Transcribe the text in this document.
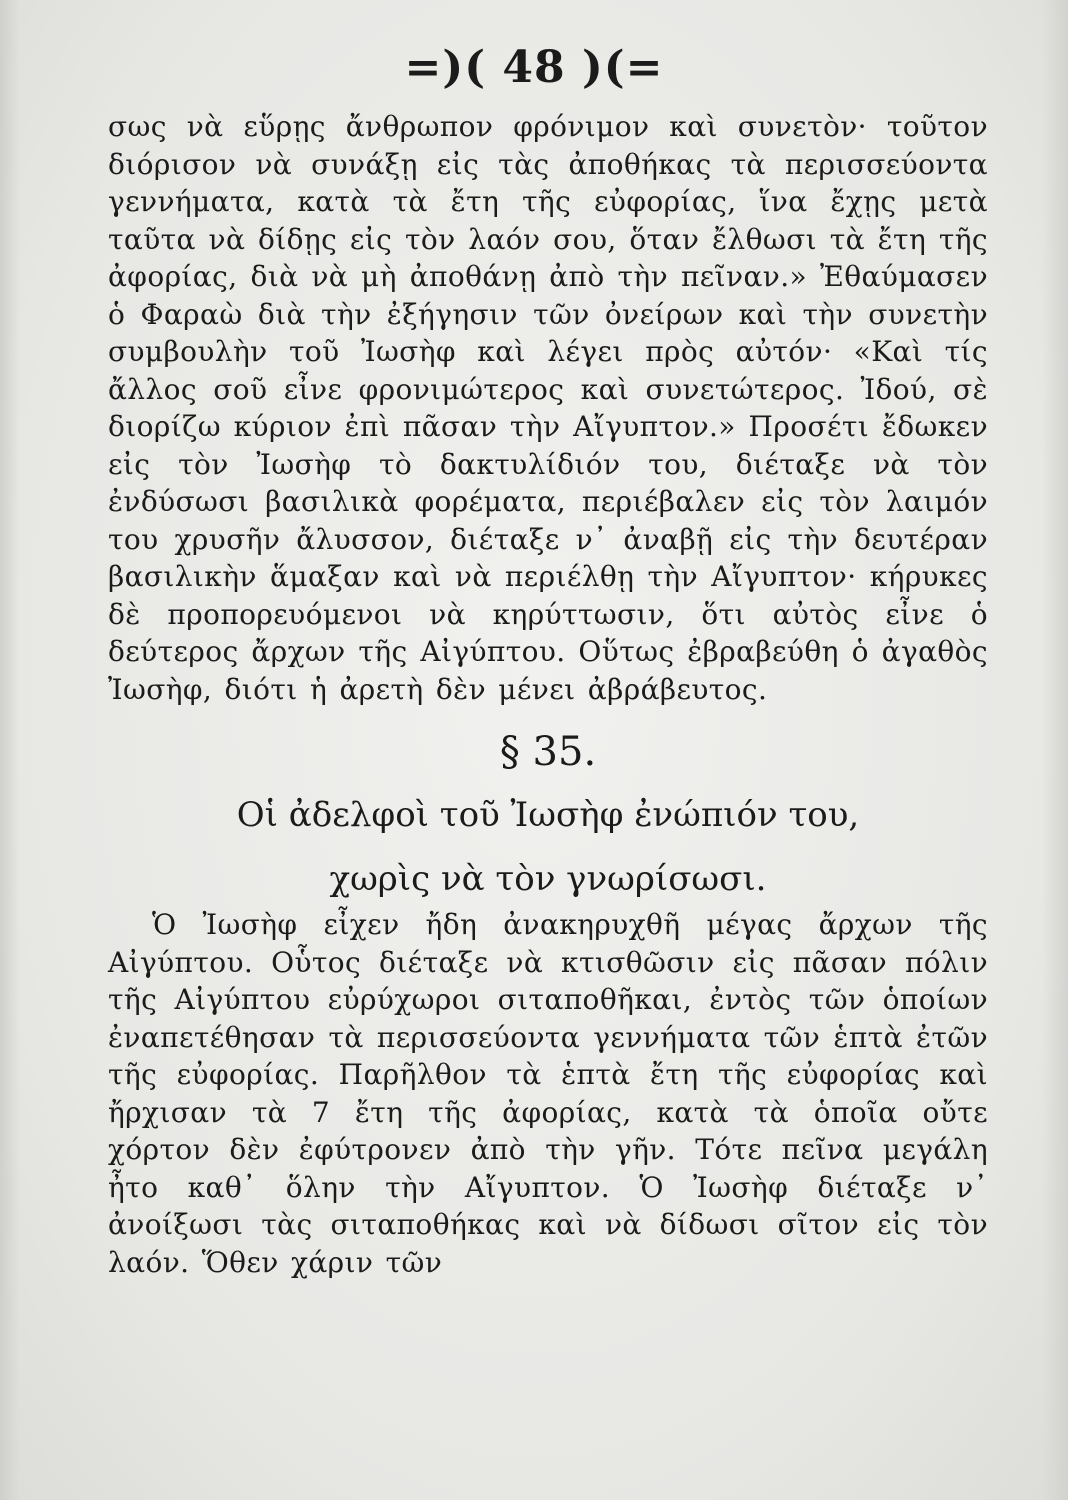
=)( 48 )(=

σως νὰ εὕρῃς ἄνθρωπον φρόνιμον καὶ συνετὸν· τοῦτον διόρισον νὰ συνάξῃ εἰς τὰς ἀποθήκας τὰ περισσεύοντα γεννήματα, κατὰ τὰ ἔτη τῆς εὐφορίας, ἵνα ἔχῃς μετὰ ταῦτα νὰ δίδῃς εἰς τὸν λαόν σου, ὅταν ἔλθωσι τὰ ἔτη τῆς ἀφορίας, διὰ νὰ μὴ ἀποθάνῃ ἀπὸ τὴν πεῖναν.» Ἐθαύμασεν ὁ Φαραὼ διὰ τὴν ἐξήγησιν τῶν ὀνείρων καὶ τὴν συνετὴν συμβουλὴν τοῦ Ἰωσὴφ καὶ λέγει πρὸς αὐτόν· «Καὶ τίς ἄλλος σοῦ εἶνε φρονιμώτερος καὶ συνετώτερος. Ἰδού, σὲ διορίζω κύριον ἐπὶ πᾶσαν τὴν Αἴγυπτον.» Προσέτι ἔδωκεν εἰς τὸν Ἰωσὴφ τὸ δακτυλίδιόν του, διέταξε νὰ τὸν ἐνδύσωσι βασιλικὰ φορέματα, περιέβαλεν εἰς τὸν λαιμόν του χρυσῆν ἄλυσσον, διέταξε ν᾿ ἀναβῇ εἰς τὴν δευτέραν βασιλικὴν ἅμαξαν καὶ νὰ περιέλθῃ τὴν Αἴγυπτον· κήρυκες δὲ προπορευόμενοι νὰ κηρύττωσιν, ὅτι αὐτὸς εἶνε ὁ δεύτερος ἄρχων τῆς Αἰγύπτου. Οὕτως ἐβραβεύθη ὁ ἀγαθὸς Ἰωσὴφ, διότι ἡ ἀρετὴ δὲν μένει ἀβράβευτος.

§ 35.
Οἱ ἀδελφοὶ τοῦ Ἰωσὴφ ἐνώπιόν του,
χωρὶς νὰ τὸν γνωρίσωσι.

Ὁ Ἰωσὴφ εἶχεν ἤδη ἀνακηρυχθῆ μέγας ἄρχων τῆς Αἰγύπτου. Οὗτος διέταξε νὰ κτισθῶσιν εἰς πᾶσαν πόλιν τῆς Αἰγύπτου εὐρύχωροι σιταποθῆκαι, ἐντὸς τῶν ὁποίων ἐναπετέθησαν τὰ περισσεύοντα γεννήματα τῶν ἑπτὰ ἐτῶν τῆς εὐφορίας. Παρῆλθον τὰ ἑπτὰ ἔτη τῆς εὐφορίας καὶ ἤρχισαν τὰ 7 ἔτη τῆς ἀφορίας, κατὰ τὰ ὁποῖα οὔτε χόρτον δὲν ἐφύτρονεν ἀπὸ τὴν γῆν. Τότε πεῖνα μεγάλη ἦτο καθ᾿ ὅλην τὴν Αἴγυπτον. Ὁ Ἰωσὴφ διέταξε ν᾿ ἀνοίξωσι τὰς σιταποθήκας καὶ νὰ δίδωσι σῖτον εἰς τὸν λαόν. Ὅθεν χάριν τῶν
